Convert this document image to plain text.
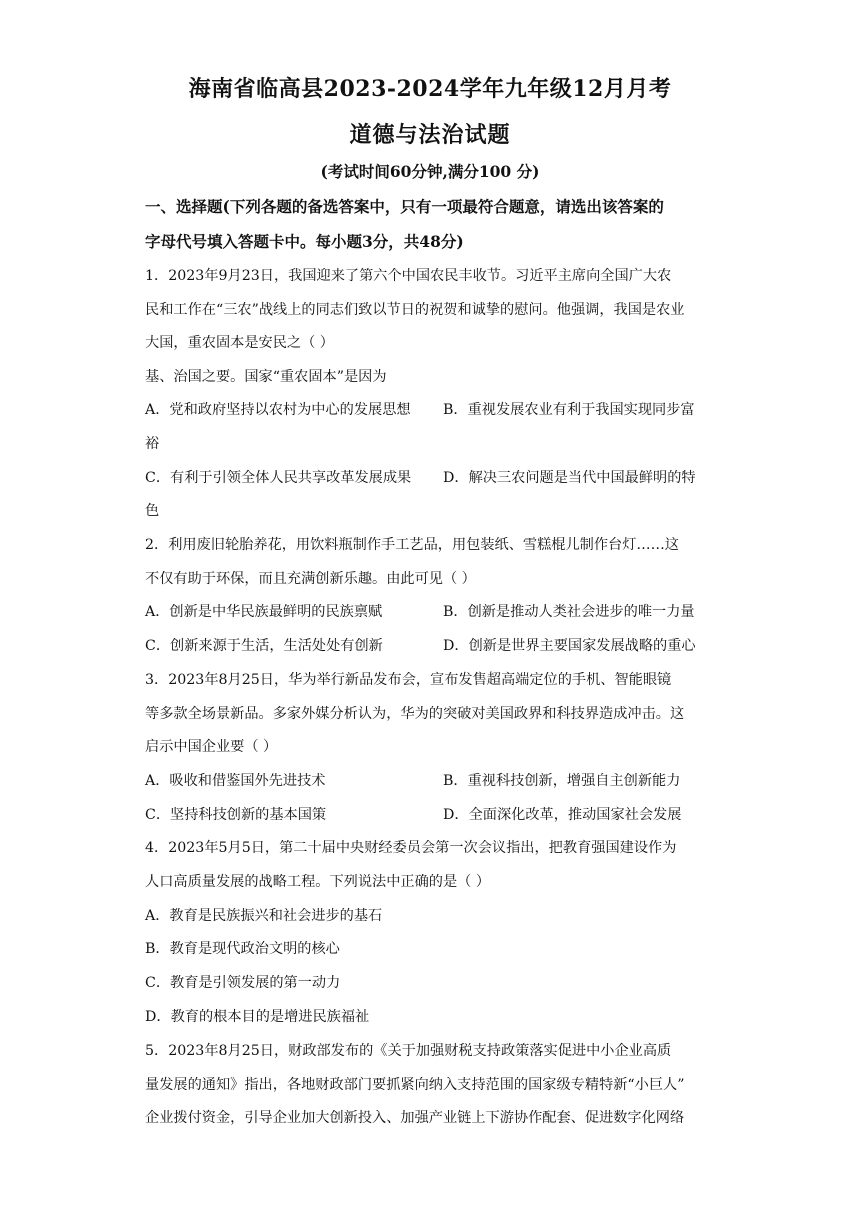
海南省临高县2023-2024学年九年级12月月考
道德与法治试题
(考试时间60分钟,满分100 分)
一、选择题(下列各题的备选答案中，只有一项最符合题意，请选出该答案的
字母代号填入答题卡中。每小题3分，共48分)
1．2023年9月23日，我国迎来了第六个中国农民丰收节。习近平主席向全国广大农
民和工作在“三农”战线上的同志们致以节日的祝贺和诚挚的慰问。他强调，我国是农业
大国，重农固本是安民之（ ）
基、治国之要。国家“重农固本”是因为
A．党和政府坚持以农村为中心的发展思想 B．重视发展农业有利于我国实现同步富
裕
C．有利于引领全体人民共享改革发展成果 D．解决三农问题是当代中国最鲜明的特
色
2．利用废旧轮胎养花，用饮料瓶制作手工艺品，用包装纸、雪糕棍儿制作台灯……这
不仅有助于环保，而且充满创新乐趣。由此可见（ ）
A．创新是中华民族最鲜明的民族禀赋	B．创新是推动人类社会进步的唯一力量
C．创新来源于生活，生活处处有创新	D．创新是世界主要国家发展战略的重心
3．2023年8月25日，华为举行新品发布会，宣布发售超高端定位的手机、智能眼镜
等多款全场景新品。多家外媒分析认为，华为的突破对美国政界和科技界造成冲击。这
启示中国企业要（ ）
A．吸收和借鉴国外先进技术	B．重视科技创新，增强自主创新能力
C．坚持科技创新的基本国策	D．全面深化改革，推动国家社会发展
4．2023年5月5日，第二十届中央财经委员会第一次会议指出，把教育强国建设作为
人口高质量发展的战略工程。下列说法中正确的是（ ）
A．教育是民族振兴和社会进步的基石
B．教育是现代政治文明的核心
C．教育是引领发展的第一动力
D．教育的根本目的是增进民族福祉
5．2023年8月25日，财政部发布的《关于加强财税支持政策落实促进中小企业高质
量发展的通知》指出，各地财政部门要抓紧向纳入支持范围的国家级专精特新“小巨人”
企业拨付资金，引导企业加大创新投入、加强产业链上下游协作配套、促进数字化网络
